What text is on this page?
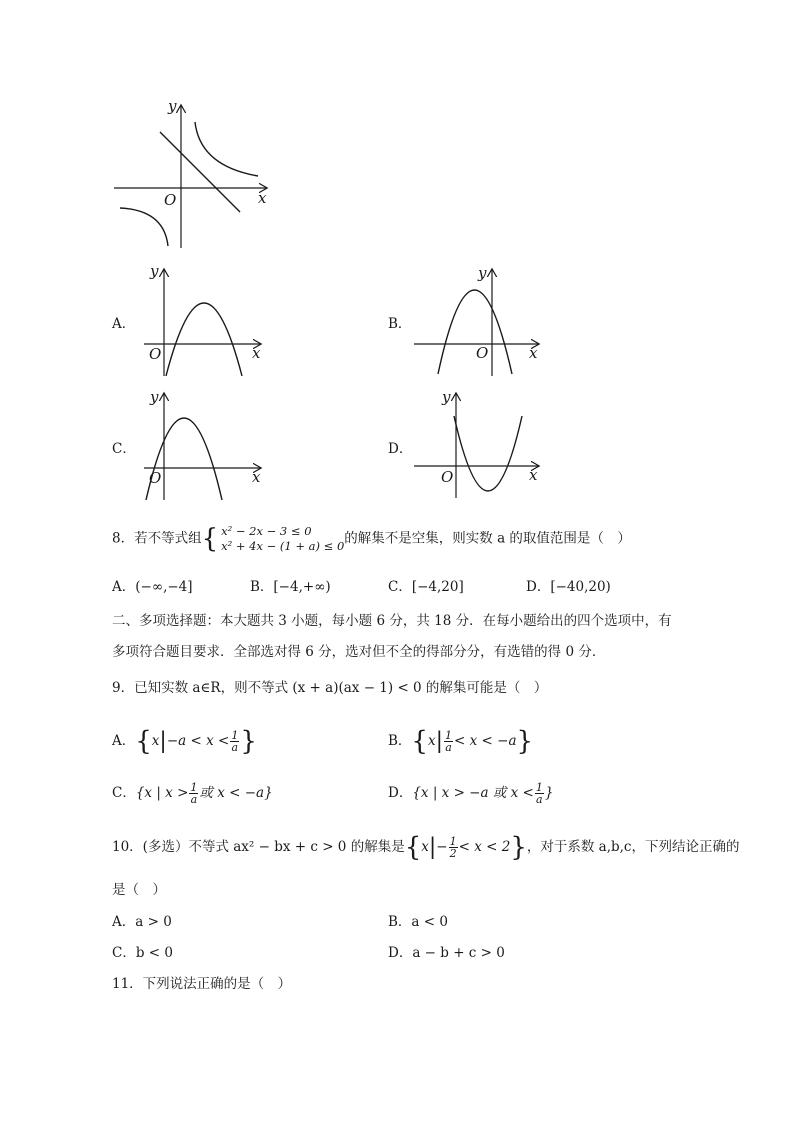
y
x
O
A．
y
x
O
B．
y
x
O
C．
y
x
O
D．
y
x
O
8．若不等式组{ x² − 2x − 3 ≤ 0
x² + 4x − (1 + a) ≤ 0 的解集不是空集，则实数 a 的取值范围是（　）
A．(−∞,−4]	B．[−4,+∞)	C．[−4,20]	D．[−40,20)
二、多项选择题：本大题共 3 小题，每小题 6 分，共 18 分．在每小题给出的四个选项中，有
多项符合题目要求．全部选对得 6 分，选对但不全的得部分分，有选错的得 0 分．
9．已知实数 a∈R，则不等式 (x + a)(ax − 1) < 0 的解集可能是（　）
A．{$x|-a < x < \frac{1}{a}$ }	B．$\{x| \frac{1}{a} < x < -a\}$
C．{x | $x > \frac{1}{a}$ 或 x < −a}	D．{x | x > −a 或 $x < \frac{1}{a}$ }
10．(多选）不等式 ax² − bx + c > 0 的解集是$\{x|- \frac{1}{2} < x < 2\}$，对于系数 a,b,c，下列结论正确的
是（　）
A．a > 0	B．a < 0
C．b < 0	D．a − b + c > 0
11．下列说法正确的是（　）
